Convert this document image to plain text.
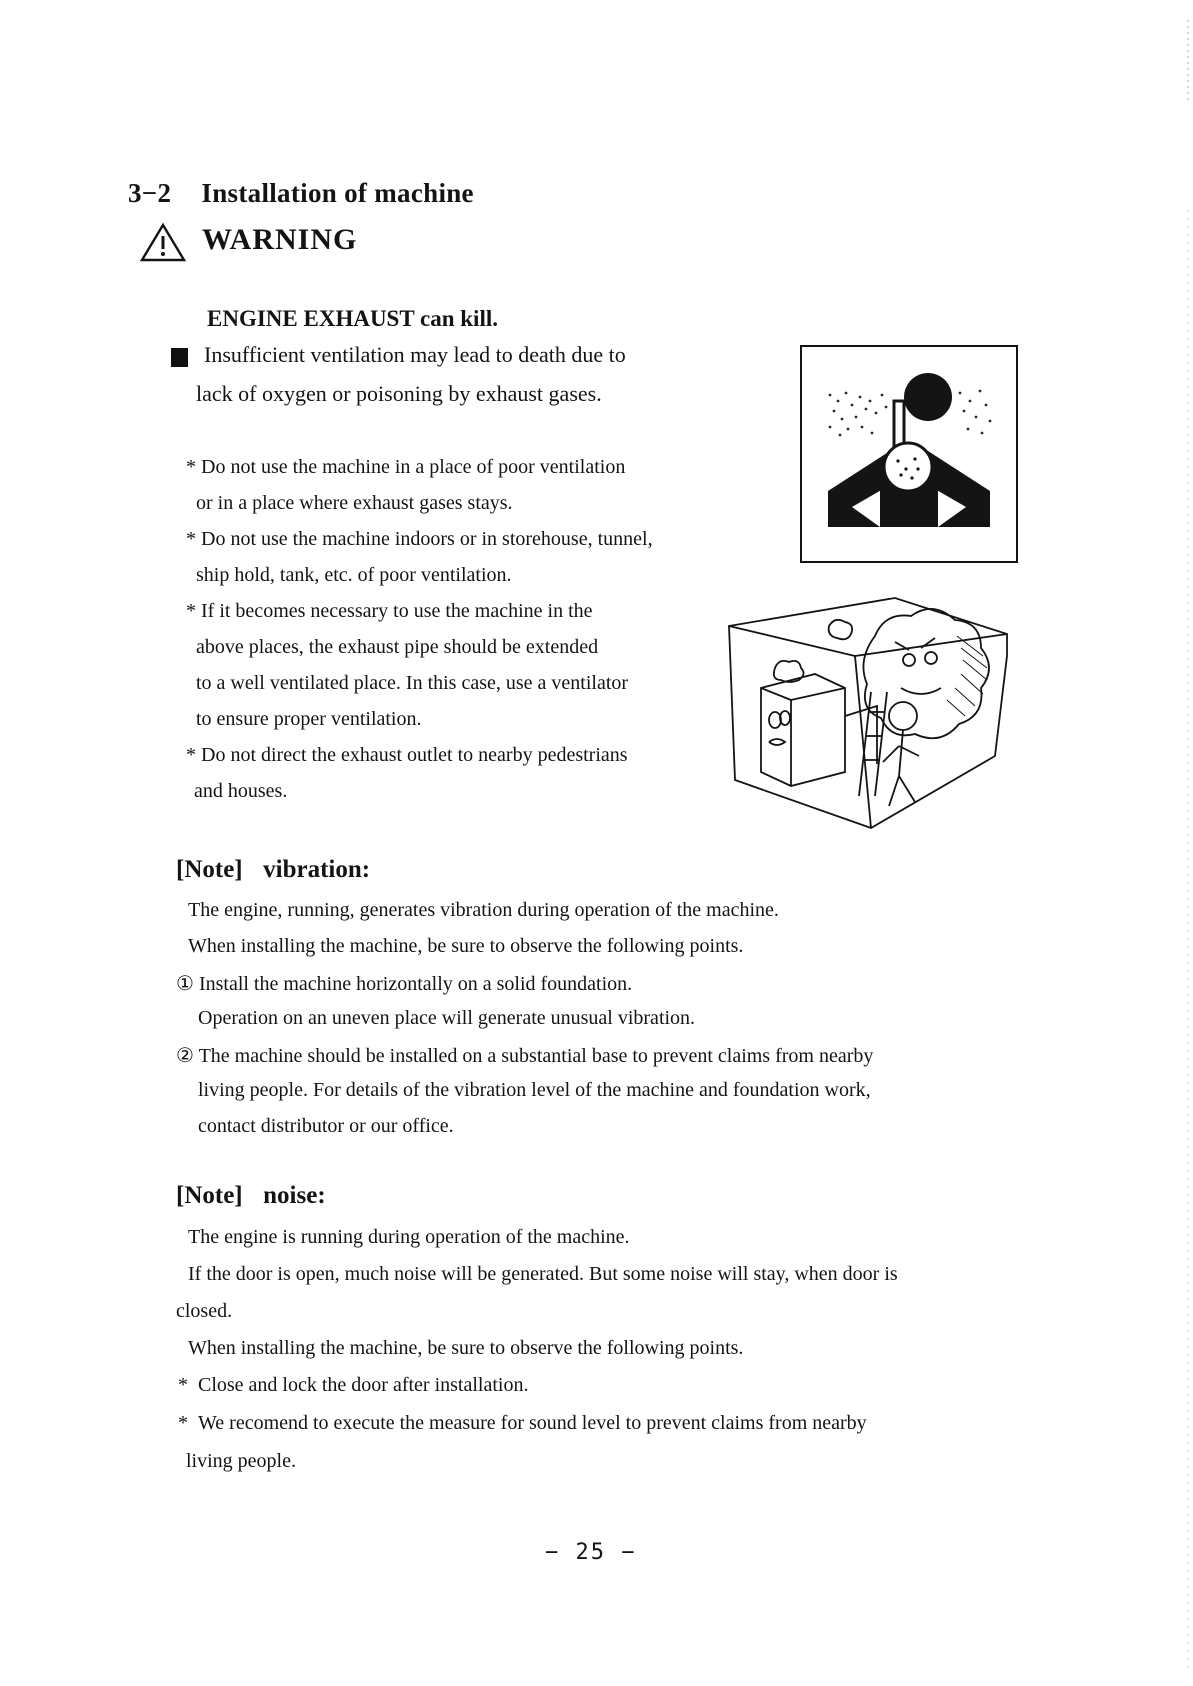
3−2 Installation of machine
WARNING
ENGINE EXHAUST can kill.
Insufficient ventilation may lead to death due to
lack of oxygen or poisoning by exhaust gases.
* Do not use the machine in a place of poor ventilation
or in a place where exhaust gases stays.
* Do not use the machine indoors or in storehouse, tunnel,
ship hold, tank, etc. of poor ventilation.
* If it becomes necessary to use the machine in the
above places, the exhaust pipe should be extended
to a well ventilated place. In this case, use a ventilator
to ensure proper ventilation.
* Do not direct the exhaust outlet to nearby pedestrians
and houses.
[Note] vibration:
The engine, running, generates vibration during operation of the machine.
When installing the machine, be sure to observe the following points.
① Install the machine horizontally on a solid foundation.
Operation on an uneven place will generate unusual vibration.
② The machine should be installed on a substantial base to prevent claims from nearby
living people. For details of the vibration level of the machine and foundation work,
contact distributor or our office.
[Note] noise:
The engine is running during operation of the machine.
If the door is open, much noise will be generated. But some noise will stay, when door is
closed.
When installing the machine, be sure to observe the following points.
* Close and lock the door after installation.
* We recomend to execute the measure for sound level to prevent claims from nearby
living people.
− 25 −
